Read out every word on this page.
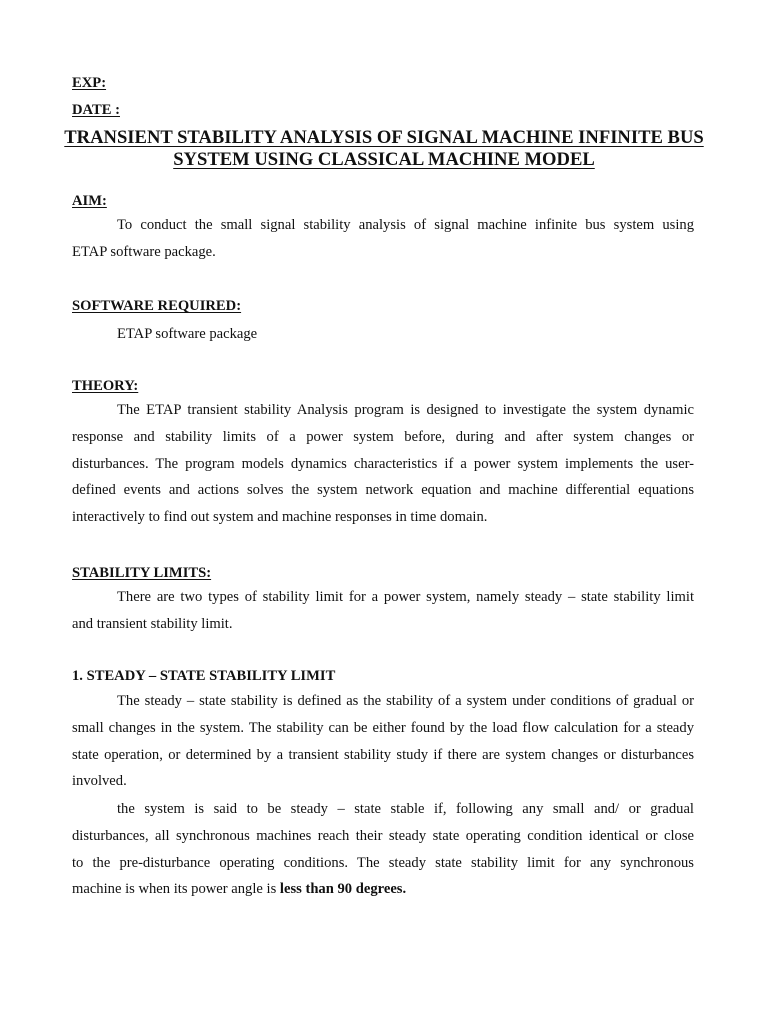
EXP:

DATE :

TRANSIENT STABILITY ANALYSIS OF SIGNAL MACHINE INFINITE BUS

SYSTEM USING CLASSICAL MACHINE MODEL

AIM:

To conduct the small signal stability analysis of signal machine infinite bus system using
ETAP software package.

SOFTWARE REQUIRED:

ETAP software package

THEORY:

The ETAP transient stability Analysis program is designed to investigate the system dynamic
response and stability limits of a power system before, during and after system changes or
disturbances. The program models dynamics characteristics if a power system implements the user-
defined events and actions solves the system network equation and machine differential equations
interactively to find out system and machine responses in time domain.

STABILITY LIMITS:

There are two types of stability limit for a power system, namely steady – state stability limit
and transient stability limit.

1. STEADY – STATE STABILITY LIMIT

The steady – state stability is defined as the stability of a system under conditions of gradual or
small changes in the system. The stability can be either found by the load flow calculation for a steady
state operation, or determined by a transient stability study if there are system changes or disturbances
involved.
the system is said to be steady – state stable if, following any small and/ or gradual
disturbances, all synchronous machines reach their steady state operating condition identical or close
to the pre-disturbance operating conditions. The steady state stability limit for any synchronous
machine is when its power angle is less than 90 degrees.
